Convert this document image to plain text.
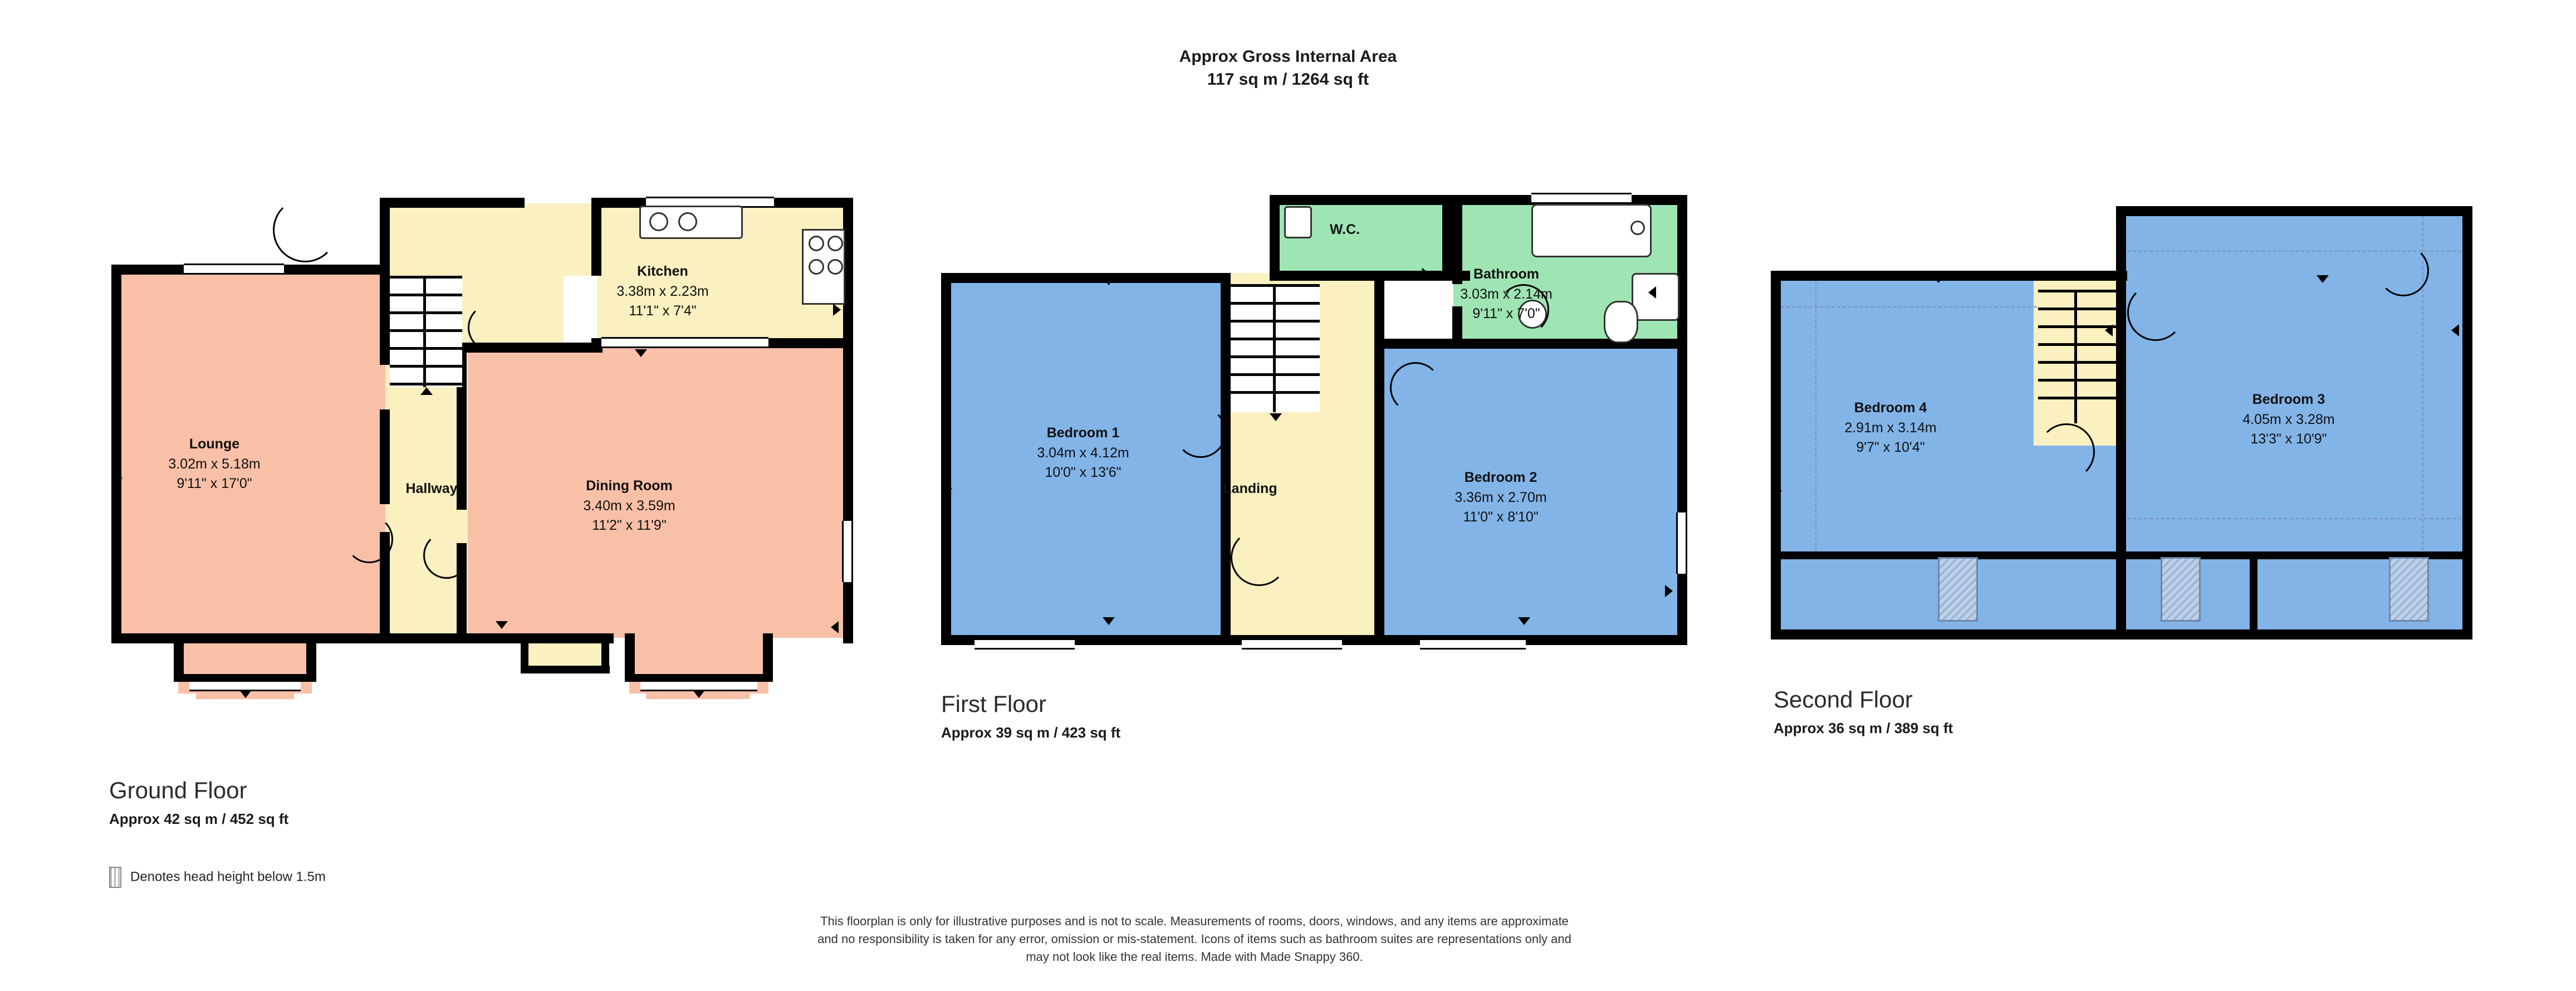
Approx Gross Internal Area
117 sq m / 1264 sq ft
Lounge
3.02m x 5.18m
9'11" x 17'0"	Hallway
Kitchen
3.38m x 2.23m
11'1" x 7'4"
Dining Room
3.40m x 3.59m
11'2" x 11'9"
Ground Floor
Approx 42 sq m / 452 sq ft
Bedroom 1
3.04m x 4.12m
10'0" x 13'6"
Landing
W.C.
Bathroom
3.03m x 2.14m
9'11" x 7'0"
Bedroom 2
3.36m x 2.70m
11'0" x 8'10"
First Floor
Approx 39 sq m / 423 sq ft
Bedroom 4
2.91m x 3.14m
9'7" x 10'4"
Bedroom 3
4.05m x 3.28m
13'3" x 10'9"
Second Floor
Approx 36 sq m / 389 sq ft
Denotes head height below 1.5m
This floorplan is only for illustrative purposes and is not to scale. Measurements of rooms, doors, windows, and any items are approximate
and no responsibility is taken for any error, omission or mis-statement. Icons of items such as bathroom suites are representations only and
may not look like the real items. Made with Made Snappy 360.
